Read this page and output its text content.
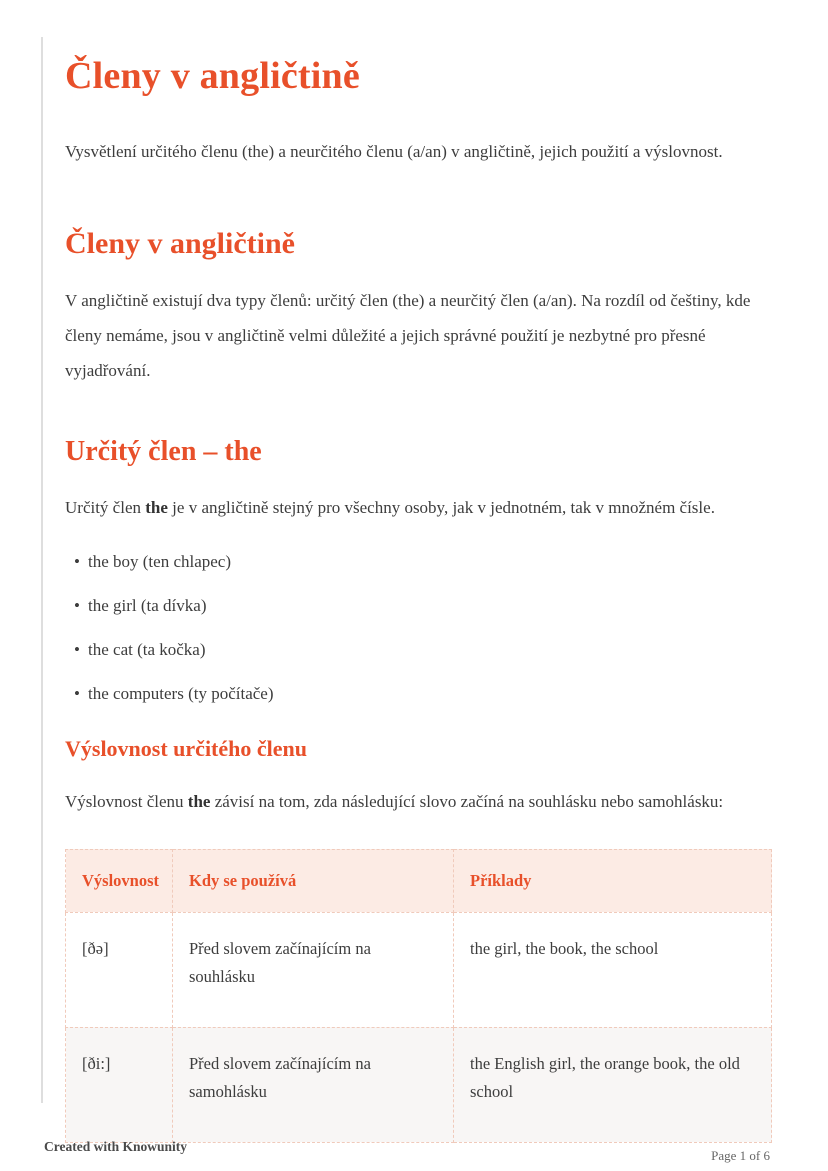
Členy v angličtině

Vysvětlení určitého členu (the) a neurčitého členu (a/an) v angličtině, jejich použití a výslovnost.

Členy v angličtině

V angličtině existují dva typy členů: určitý člen (the) a neurčitý člen (a/an). Na rozdíl od češtiny, kde členy nemáme, jsou v angličtině velmi důležité a jejich správné použití je nezbytné pro přesné vyjadřování.

Určitý člen – the

Určitý člen the je v angličtině stejný pro všechny osoby, jak v jednotném, tak v množném čísle.

• the boy (ten chlapec)
• the girl (ta dívka)
• the cat (ta kočka)
• the computers (ty počítače)
Výslovnost určitého členu

Výslovnost členu the závisí na tom, zda následující slovo začíná na souhlásku nebo samohlásku:

Výslovnost	Kdy se používá	Příklady
[ðə]	Před slovem začínajícím na souhlásku	the girl, the book, the school
[ði:]	Před slovem začínajícím na samohlásku	the English girl, the orange book, the old school
Created with Knowunity
Page 1 of 6
